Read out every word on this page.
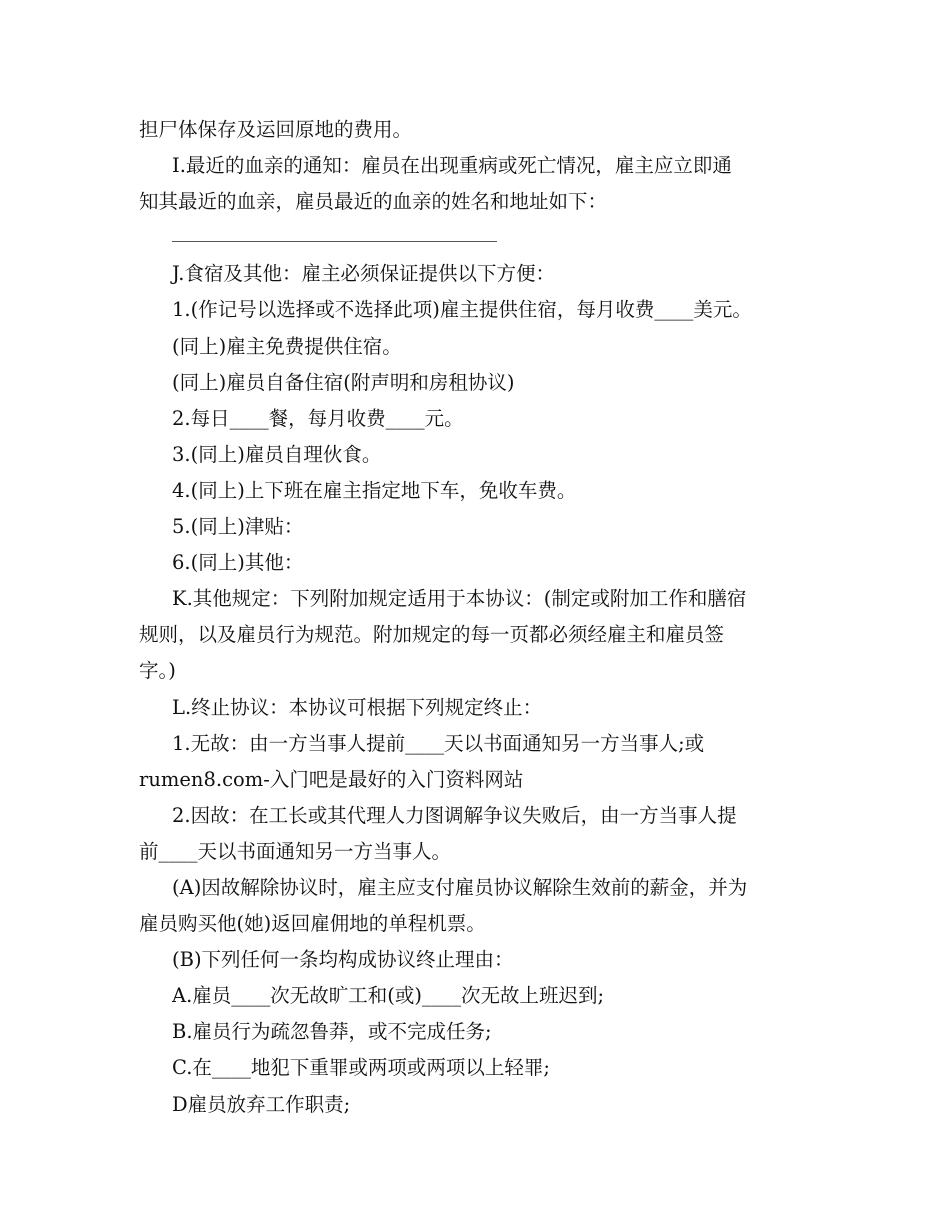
担尸体保存及运回原地的费用。
I.最近的血亲的通知：雇员在出现重病或死亡情况，雇主应立即通
知其最近的血亲，雇员最近的血亲的姓名和地址如下：
J.食宿及其他：雇主必须保证提供以下方便：
1.(作记号以选择或不选择此项)雇主提供住宿，每月收费____美元。
(同上)雇主免费提供住宿。
(同上)雇员自备住宿(附声明和房租协议)
2.每日____餐，每月收费____元。
3.(同上)雇员自理伙食。
4.(同上)上下班在雇主指定地下车，免收车费。
5.(同上)津贴：
6.(同上)其他：
K.其他规定：下列附加规定适用于本协议：(制定或附加工作和膳宿
规则，以及雇员行为规范。附加规定的每一页都必须经雇主和雇员签
字。)
L.终止协议：本协议可根据下列规定终止：
1.无故：由一方当事人提前____天以书面通知另一方当事人;或
rumen8.com-入门吧是最好的入门资料网站
2.因故：在工长或其代理人力图调解争议失败后，由一方当事人提
前____天以书面通知另一方当事人。
(A)因故解除协议时，雇主应支付雇员协议解除生效前的薪金，并为
雇员购买他(她)返回雇佣地的单程机票。
(B)下列任何一条均构成协议终止理由：
A.雇员____次无故旷工和(或)____次无故上班迟到;
B.雇员行为疏忽鲁莽，或不完成任务;
C.在____地犯下重罪或两项或两项以上轻罪;
D雇员放弃工作职责;
